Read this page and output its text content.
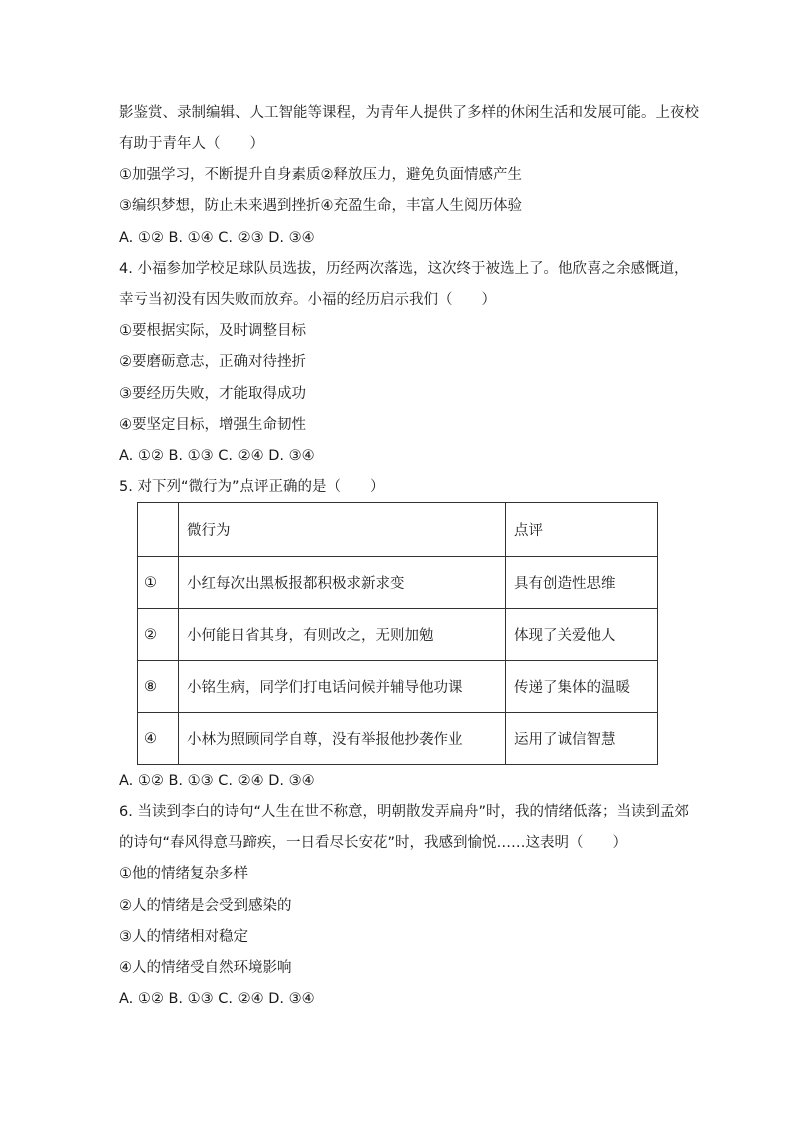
影鉴赏、录制编辑、人工智能等课程，为青年人提供了多样的休闲生活和发展可能。上夜校
有助于青年人（　　）
①加强学习，不断提升自身素质②释放压力，避免负面情感产生
③编织梦想，防止未来遇到挫折④充盈生命，丰富人生阅历体验
A. ①② B. ①④ C. ②③ D. ③④
4. 小福参加学校足球队员选拔，历经两次落选，这次终于被选上了。他欣喜之余感慨道，
幸亏当初没有因失败而放弃。小福的经历启示我们（　　）
①要根据实际，及时调整目标
②要磨砺意志，正确对待挫折
③要经历失败，才能取得成功
④要坚定目标，增强生命韧性
A. ①② B. ①③ C. ②④ D. ③④
5. 对下列“微行为”点评正确的是（　　）
	微行为	点评
①	小红每次出黑板报都积极求新求变	具有创造性思维
②	小何能日省其身，有则改之，无则加勉	体现了关爱他人
⑧	小铭生病，同学们打电话问候并辅导他功课	传递了集体的温暖
④	小林为照顾同学自尊，没有举报他抄袭作业	运用了诚信智慧
A. ①② B. ①③ C. ②④ D. ③④
6. 当读到李白的诗句“人生在世不称意，明朝散发弄扁舟”时，我的情绪低落；当读到孟郊
的诗句“春风得意马蹄疾，一日看尽长安花”时，我感到愉悦……这表明（　　）
①他的情绪复杂多样
②人的情绪是会受到感染的
③人的情绪相对稳定
④人的情绪受自然环境影响
A. ①② B. ①③ C. ②④ D. ③④
